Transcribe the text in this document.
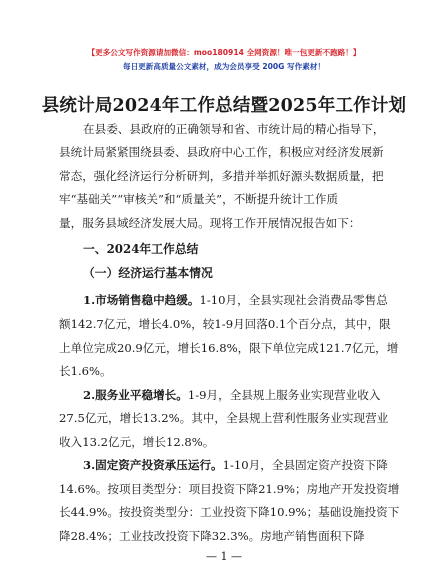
【更多公文写作资源请加微信：moo180914 全网资源！唯一包更新不跑路！】
每日更新高质量公文素材，成为会员享受 200G 写作素材！
县统计局2024年工作总结暨2025年工作计划
在县委、县政府的正确领导和省、市统计局的精心指导下，
县统计局紧紧围绕县委、县政府中心工作，积极应对经济发展新
常态，强化经济运行分析研判，多措并举抓好源头数据质量，把
牢“基础关”“审核关”和“质量关”，不断提升统计工作质
量，服务县域经济发展大局。现将工作开展情况报告如下：
一、2024年工作总结
（一）经济运行基本情况
1.市场销售稳中趋缓。1-10月，全县实现社会消费品零售总
额142.7亿元，增长4.0%，较1-9月回落0.1个百分点，其中，限
上单位完成20.9亿元，增长16.8%，限下单位完成121.7亿元，增
长1.6%。
2.服务业平稳增长。1-9月，全县规上服务业实现营业收入
27.5亿元，增长13.2%。其中，全县规上营利性服务业实现营业
收入13.2亿元，增长12.8%。
3.固定资产投资承压运行。1-10月，全县固定资产投资下降
14.6%。按项目类型分：项目投资下降21.9%；房地产开发投资增
长44.9%。按投资类型分：工业投资下降10.9%；基础设施投资下
降28.4%；工业技改投资下降32.3%。房地产销售面积下降
— 1 —
